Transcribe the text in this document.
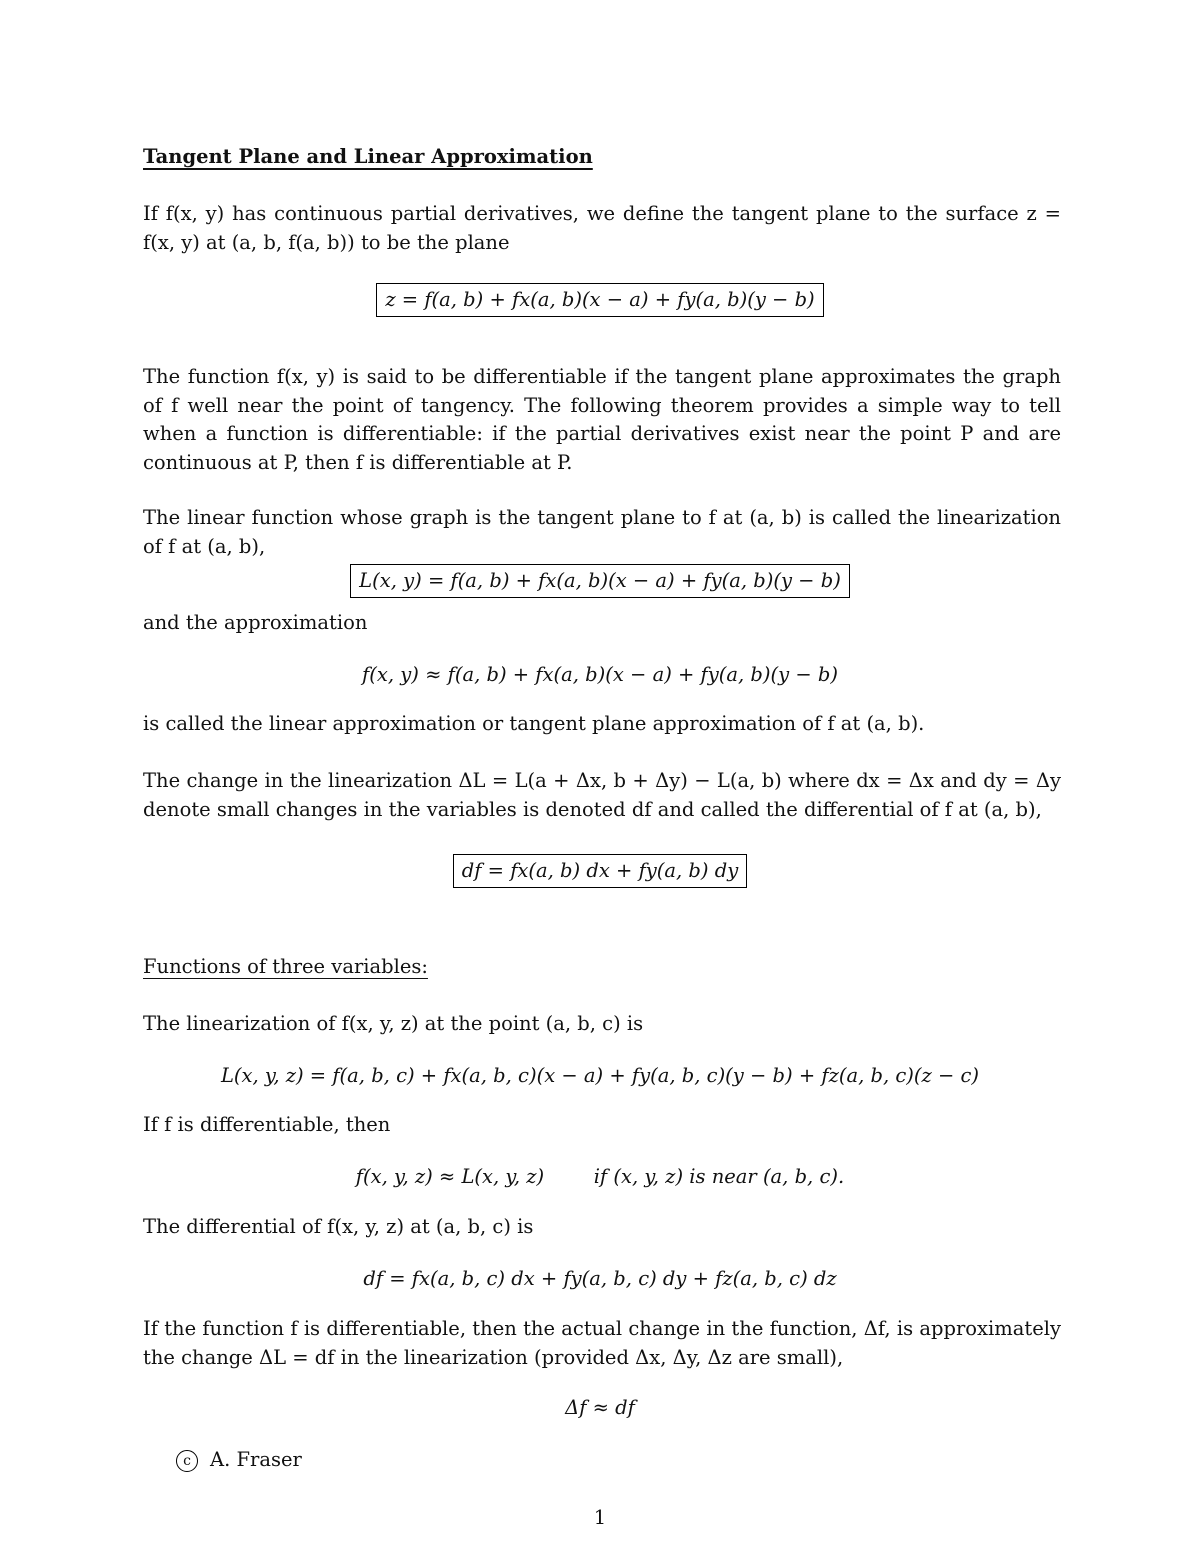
Tangent Plane and Linear Approximation
If f(x, y) has continuous partial derivatives, we define the tangent plane to the surface z = f(x, y) at (a, b, f(a, b)) to be the plane
z = f(a, b) + fx(a, b)(x − a) + fy(a, b)(y − b)
The function f(x, y) is said to be differentiable if the tangent plane approximates the graph of f well near the point of tangency. The following theorem provides a simple way to tell when a function is differentiable: if the partial derivatives exist near the point P and are continuous at P, then f is differentiable at P.
The linear function whose graph is the tangent plane to f at (a, b) is called the linearization of f at (a, b),
L(x, y) = f(a, b) + fx(a, b)(x − a) + fy(a, b)(y − b)
and the approximation
f(x, y) ≈ f(a, b) + fx(a, b)(x − a) + fy(a, b)(y − b)
is called the linear approximation or tangent plane approximation of f at (a, b).
The change in the linearization ΔL = L(a + Δx, b + Δy) − L(a, b) where dx = Δx and dy = Δy denote small changes in the variables is denoted df and called the differential of f at (a, b),
df = fx(a, b) dx + fy(a, b) dy
Functions of three variables:
The linearization of f(x, y, z) at the point (a, b, c) is
L(x, y, z) = f(a, b, c) + fx(a, b, c)(x − a) + fy(a, b, c)(y − b) + fz(a, b, c)(z − c)
If f is differentiable, then
f(x, y, z) ≈ L(x, y, z)        if (x, y, z) is near (a, b, c).
The differential of f(x, y, z) at (a, b, c) is
df = fx(a, b, c) dx + fy(a, b, c) dy + fz(a, b, c) dz
If the function f is differentiable, then the actual change in the function, Δf, is approximately the change ΔL = df in the linearization (provided Δx, Δy, Δz are small),
Δf ≈ df
c A. Fraser
1
